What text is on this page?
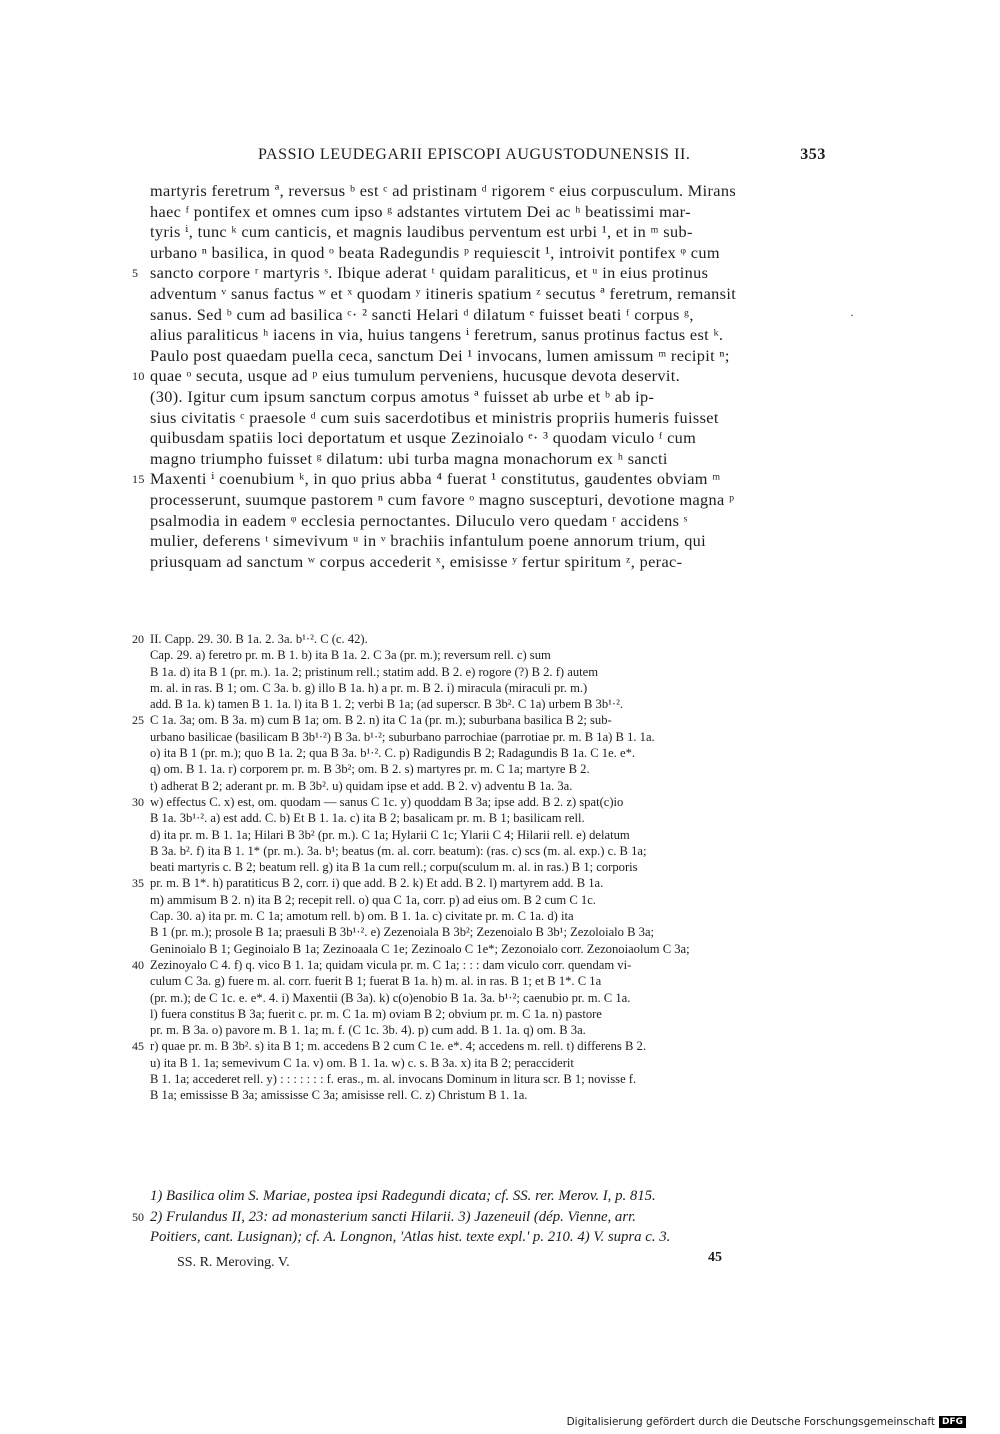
PASSIO LEUDEGARII EPISCOPI AUGUSTODUNENSIS II.	353
martyris feretrum ª, reversus ᵇ est ᶜ ad pristinam ᵈ rigorem ᵉ eius corpusculum. Mirans
haec ᶠ pontifex et omnes cum ipso ᵍ adstantes virtutem Dei ac ʰ beatissimi mar-
tyris ⁱ, tunc ᵏ cum canticis, et magnis laudibus perventum est urbi ¹, et in ᵐ sub-
urbano ⁿ basilica, in quod ᵒ beata Radegundis ᵖ requiescit ¹, introivit pontifex ᵠ cum
5 sancto corpore ʳ martyris ˢ. Ibique aderat ᵗ quidam paraliticus, et ᵘ in eius protinus
adventum ᵛ sanus factus ʷ et ˣ quodam ʸ itineris spatium ᶻ secutus ª feretrum, remansit
sanus. Sed ᵇ cum ad basilica ᶜ· ² sancti Helari ᵈ dilatum ᵉ fuisset beati ᶠ corpus ᵍ,
alius paraliticus ʰ iacens in via, huius tangens ⁱ feretrum, sanus protinus factus est ᵏ.
Paulo post quaedam puella ceca, sanctum Dei ¹ invocans, lumen amissum ᵐ recipit ⁿ;
10 quae ᵒ secuta, usque ad ᵖ eius tumulum perveniens, hucusque devota deservit.
(30). Igitur cum ipsum sanctum corpus amotus ª fuisset ab urbe et ᵇ ab ip-
sius civitatis ᶜ praesole ᵈ cum suis sacerdotibus et ministris propriis humeris fuisset
quibusdam spatiis loci deportatum et usque Zezinoialo ᵉ· ³ quodam viculo ᶠ cum
magno triumpho fuisset ᵍ dilatum: ubi turba magna monachorum ex ʰ sancti
15 Maxenti ⁱ coenubium ᵏ, in quo prius abba ⁴ fuerat ¹ constitutus, gaudentes obviam ᵐ
processerunt, suumque pastorem ⁿ cum favore ᵒ magno suscepturi, devotione magna ᵖ
psalmodia in eadem ᵠ ecclesia pernoctantes. Diluculo vero quedam ʳ accidens ˢ
mulier, deferens ᵗ simevivum ᵘ in ᵛ brachiis infantulum poene annorum trium, qui
priusquam ad sanctum ʷ corpus accederit ˣ, emisisse ʸ fertur spiritum ᶻ, perac-
20 II. Capp. 29. 30. B 1a. 2. 3a. b¹·². C (c. 42).
Cap. 29. a) feretro pr. m. B 1. b) ita B 1a. 2. C 3a (pr. m.); reversum rell. c) sum
B 1a. d) ita B 1 (pr. m.). 1a. 2; pristinum rell.; statim add. B 2. e) rogore (?) B 2. f) autem
m. al. in ras. B 1; om. C 3a. b. g) illo B 1a. h) a pr. m. B 2. i) miracula (miraculi pr. m.)
add. B 1a. k) tamen B 1. 1a. l) ita B 1. 2; verbi B 1a; (ad superscr. B 3b². C 1a) urbem B 3b¹·².
25 C 1a. 3a; om. B 3a. m) cum B 1a; om. B 2. n) ita C 1a (pr. m.); suburbana basilica B 2; sub-
urbano basilicae (basilicam B 3b¹·²) B 3a. b¹·²; suburbano parrochiae (parrotiae pr. m. B 1a) B 1. 1a.
o) ita B 1 (pr. m.); quo B 1a. 2; qua B 3a. b¹·². C. p) Radigundis B 2; Radagundis B 1a. C 1e. e*.
q) om. B 1. 1a. r) corporem pr. m. B 3b²; om. B 2. s) martyres pr. m. C 1a; martyre B 2.
t) adherat B 2; aderant pr. m. B 3b². u) quidam ipse et add. B 2. v) adventu B 1a. 3a.
30 w) effectus C. x) est, om. quodam — sanus C 1c. y) quoddam B 3a; ipse add. B 2. z) spat(c)io
B 1a. 3b¹·². a) est add. C. b) Et B 1. 1a. c) ita B 2; basalicam pr. m. B 1; basilicam rell.
d) ita pr. m. B 1. 1a; Hilari B 3b² (pr. m.). C 1a; Hylarii C 1c; Ylarii C 4; Hilarii rell. e) delatum
B 3a. b². f) ita B 1. 1* (pr. m.). 3a. b¹; beatus (m. al. corr. beatum): (ras. c) scs (m. al. exp.) c. B 1a;
beati martyris c. B 2; beatum rell. g) ita B 1a cum rell.; corpu(sculum m. al. in ras.) B 1; corporis
35 pr. m. B 1*. h) paratiticus B 2, corr. i) que add. B 2. k) Et add. B 2. l) martyrem add. B 1a.
m) ammisum B 2. n) ita B 2; recepit rell. o) qua C 1a, corr. p) ad eius om. B 2 cum C 1c.
Cap. 30. a) ita pr. m. C 1a; amotum rell. b) om. B 1. 1a. c) civitate pr. m. C 1a. d) ita
B 1 (pr. m.); prosole B 1a; praesuli B 3b¹·². e) Zezenoiala B 3b²; Zezenoialo B 3b¹; Zezoloialo B 3a;
Geninoialo B 1; Geginoialo B 1a; Zezinoaala C 1e; Zezinoalo C 1e*; Zezonoialo corr. Zezonoiaolum C 3a;
40 Zezinoyalo C 4. f) q. vico B 1. 1a; quidam vicula pr. m. C 1a; : : : dam viculo corr. quendam vi-
culum C 3a. g) fuere m. al. corr. fuerit B 1; fuerat B 1a. h) m. al. in ras. B 1; et B 1*. C 1a
(pr. m.); de C 1c. e. e*. 4. i) Maxentii (B 3a). k) c(o)enobio B 1a. 3a. b¹·²; caenubio pr. m. C 1a.
l) fuera constitus B 3a; fuerit c. pr. m. C 1a. m) oviam B 2; obvium pr. m. C 1a. n) pastore
pr. m. B 3a. o) pavore m. B 1. 1a; m. f. (C 1c. 3b. 4). p) cum add. B 1. 1a. q) om. B 3a.
45 r) quae pr. m. B 3b². s) ita B 1; m. accedens B 2 cum C 1e. e*. 4; accedens m. rell. t) differens B 2.
u) ita B 1. 1a; semevivum C 1a. v) om. B 1. 1a. w) c. s. B 3a. x) ita B 2; peracciderit
B 1. 1a; accederet rell. y) : : : : : : : f. eras., m. al. invocans Dominum in litura scr. B 1; novisse f.
B 1a; emississe B 3a; amississe C 3a; amisisse rell. C. z) Christum B 1. 1a.
1) Basilica olim S. Mariae, postea ipsi Radegundi dicata; cf. SS. rer. Merov. I, p. 815.
50 2) Frulandus II, 23: ad monasterium sancti Hilarii. 3) Jazeneuil (dép. Vienne, arr.
Poitiers, cant. Lusignan); cf. A. Longnon, 'Atlas hist. texte expl.' p. 210. 4) V. supra c. 3.
SS. R. Meroving. V.	45
·
Digitalisierung gefördert durch die Deutsche Forschungsgemeinschaft DFG
